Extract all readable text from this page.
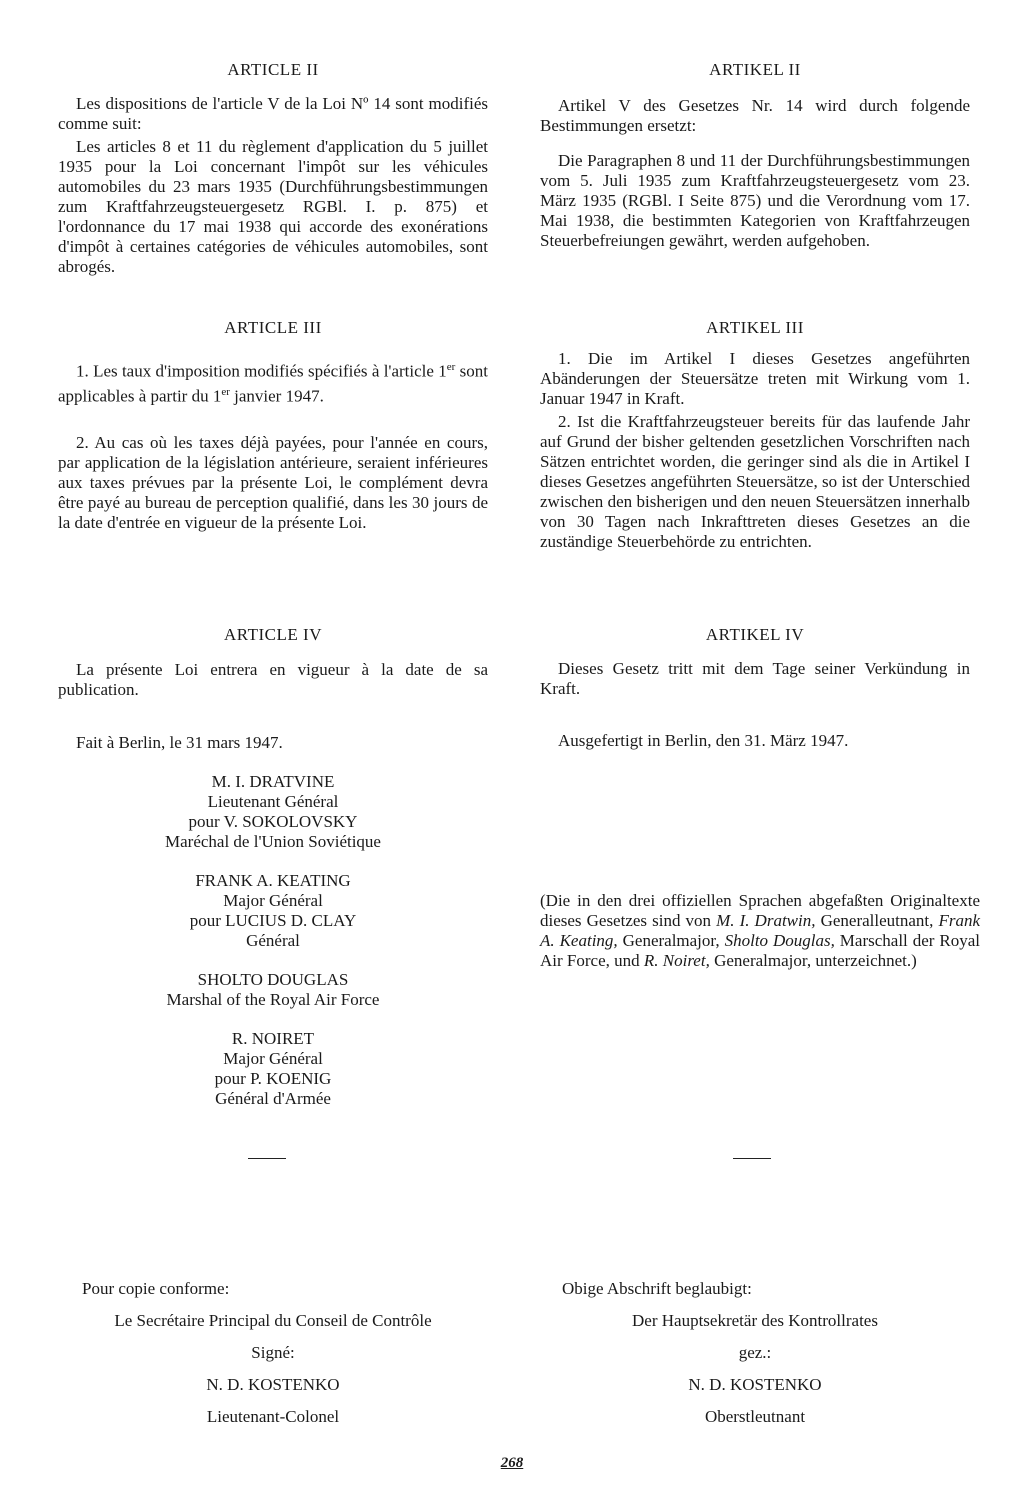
ARTICLE II
Les dispositions de l'article V de la Loi Nº 14 sont modifiés comme suit:
Les articles 8 et 11 du règlement d'application du 5 juillet 1935 pour la Loi concernant l'impôt sur les véhicules automobiles du 23 mars 1935 (Durchführungsbestimmungen zum Kraftfahrzeugsteuergesetz RGBl. I. p. 875) et l'ordonnance du 17 mai 1938 qui accorde des exonérations d'impôt à certaines catégories de véhicules automobiles, sont abrogés.
ARTICLE III
1. Les taux d'imposition modifiés spécifiés à l'article 1er sont applicables à partir du 1er janvier 1947.
2. Au cas où les taxes déjà payées, pour l'année en cours, par application de la législation antérieure, seraient inférieures aux taxes prévues par la présente Loi, le complément devra être payé au bureau de perception qualifié, dans les 30 jours de la date d'entrée en vigueur de la présente Loi.
ARTICLE IV
La présente Loi entrera en vigueur à la date de sa publication.
Fait à Berlin, le 31 mars 1947.
M. I. DRATVINE
Lieutenant Général
pour V. SOKOLOVSKY
Maréchal de l'Union Soviétique
FRANK A. KEATING
Major Général
pour LUCIUS D. CLAY
Général
SHOLTO DOUGLAS
Marshal of the Royal Air Force
R. NOIRET
Major Général
pour P. KOENIG
Général d'Armée
Pour copie conforme:
Le Secrétaire Principal du Conseil de Contrôle
Signé:
N. D. KOSTENKO
Lieutenant-Colonel
ARTIKEL II
Artikel V des Gesetzes Nr. 14 wird durch folgende Bestimmungen ersetzt:
Die Paragraphen 8 und 11 der Durchführungsbestimmungen vom 5. Juli 1935 zum Kraftfahrzeugsteuergesetz vom 23. März 1935 (RGBl. I Seite 875) und die Verordnung vom 17. Mai 1938, die bestimmten Kategorien von Kraftfahrzeugen Steuerbefreiungen gewährt, werden aufgehoben.
ARTIKEL III
1. Die im Artikel I dieses Gesetzes angeführten Abänderungen der Steuersätze treten mit Wirkung vom 1. Januar 1947 in Kraft.
2. Ist die Kraftfahrzeugsteuer bereits für das laufende Jahr auf Grund der bisher geltenden gesetzlichen Vorschriften nach Sätzen entrichtet worden, die geringer sind als die in Artikel I dieses Gesetzes angeführten Steuersätze, so ist der Unterschied zwischen den bisherigen und den neuen Steuersätzen innerhalb von 30 Tagen nach Inkrafttreten dieses Gesetzes an die zuständige Steuerbehörde zu entrichten.
ARTIKEL IV
Dieses Gesetz tritt mit dem Tage seiner Verkündung in Kraft.
Ausgefertigt in Berlin, den 31. März 1947.
(Die in den drei offiziellen Sprachen abgefaßten Originaltexte dieses Gesetzes sind von M. I. Dratwin, Generalleutnant, Frank A. Keating, Generalmajor, Sholto Douglas, Marschall der Royal Air Force, und R. Noiret, Generalmajor, unterzeichnet.)
Obige Abschrift beglaubigt:
Der Hauptsekretär des Kontrollrates
gez.:
N. D. KOSTENKO
Oberstleutnant
268
